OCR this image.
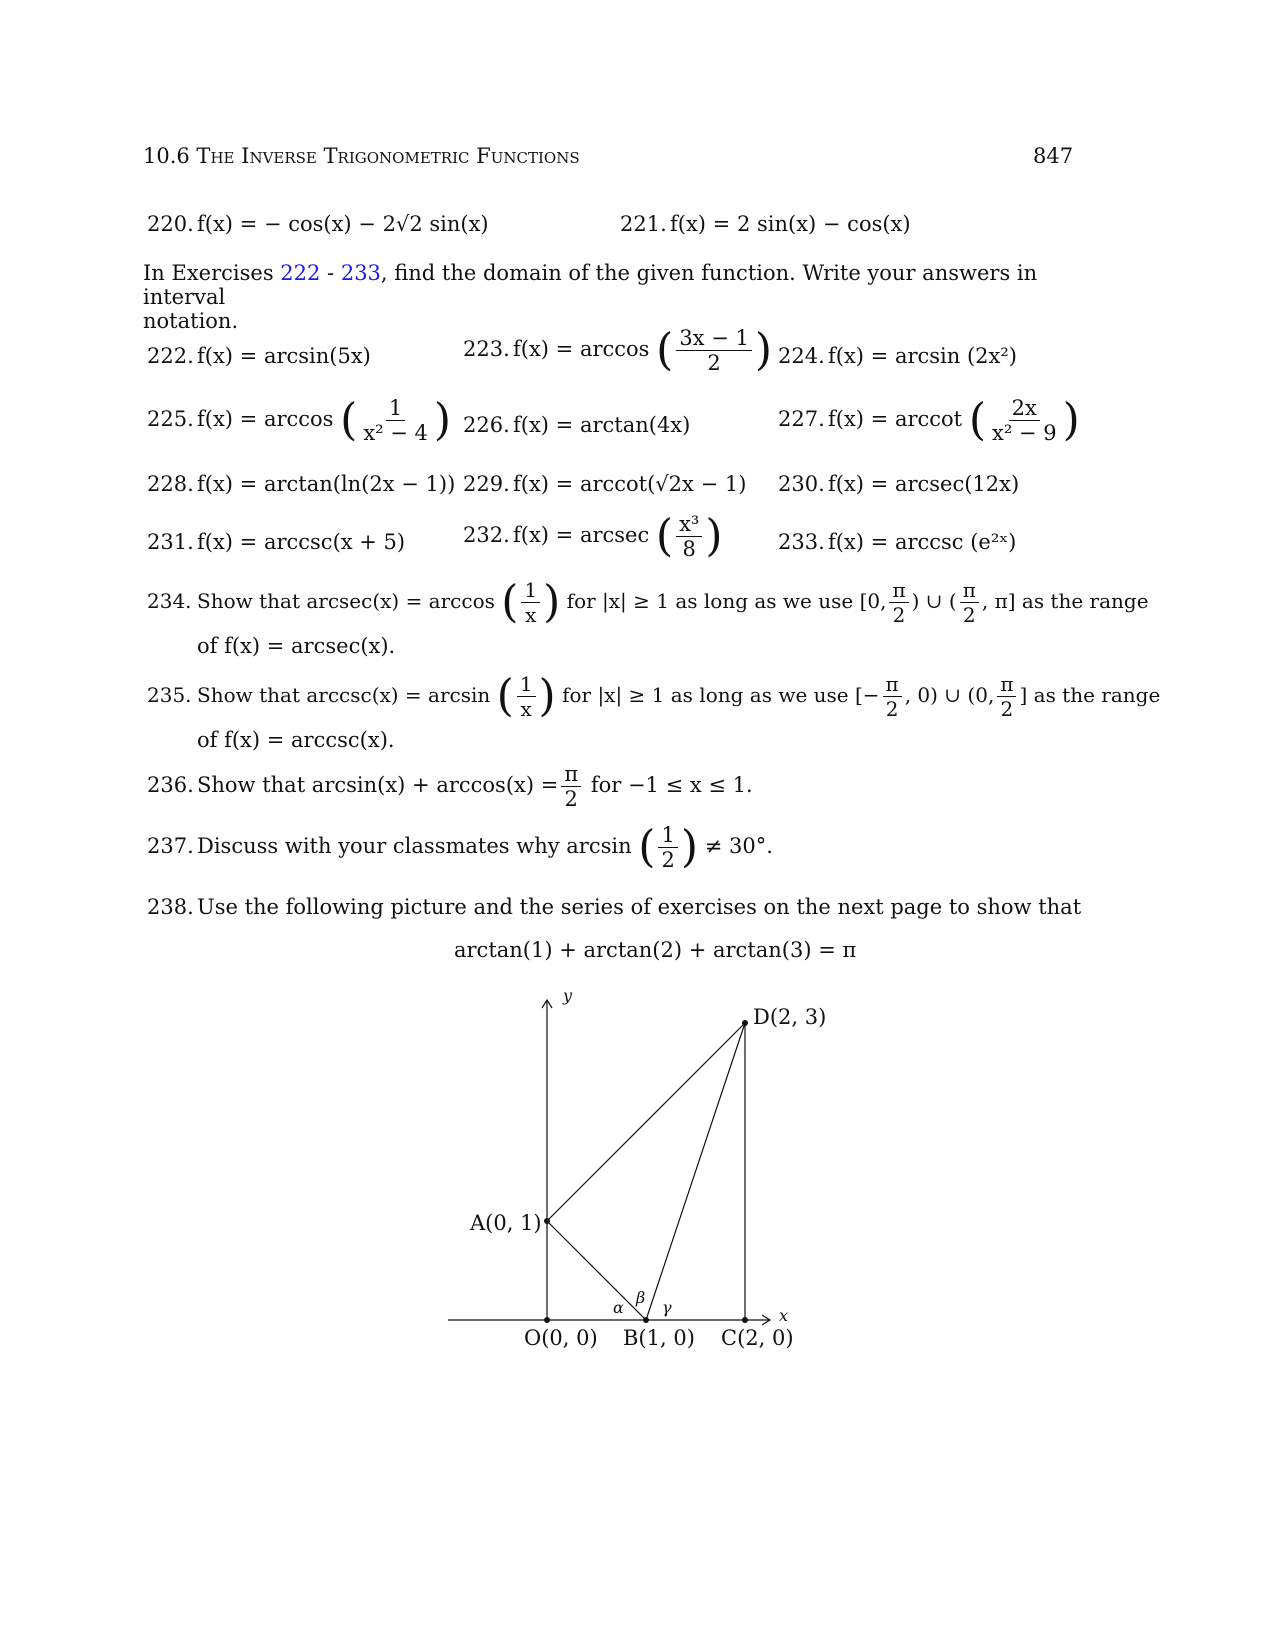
10.6 The Inverse Trigonometric Functions	847
220. f(x) = − cos(x) − 2√2 sin(x)	221. f(x) = 2 sin(x) − cos(x)
In Exercises 222 - 233, find the domain of the given function. Write your answers in interval
notation.
222. f(x) = arcsin(5x)	223. f(x) = arccos ( $\frac{3x - 1}{2}$ ) 224. f(x) = arcsin (2x²)
225. f(x) = arccos ( $\frac{1}{\text{x² − 4}}$ ) 226. f(x) = arctan(4x)	227. f(x) = arccot ( $\frac{2x}{\text{x² − 9}}$ )
228. f(x) = arctan(ln(2x − 1)) 229. f(x) = arccot(√2x − 1) 230. f(x) = arcsec(12x)
231. f(x) = arccsc(x + 5)	232. f(x) = arcsec ( $\frac{\text{x³}}{8}$ )	233. f(x) = arccsc (e²ˣ)
234. Show that arcsec(x) = arccos ( $\frac{1}{x}$ ) for |x| ≥ 1 as long as we use [0, $\frac{\pi}{2}$ ) ∪ ( $\frac{\pi}{2}$ , π] as the range
of f(x) = arcsec(x).
235. Show that arccsc(x) = arcsin ( $\frac{1}{x}$ ) for |x| ≥ 1 as long as we use [− $\frac{\pi}{2}$ , 0) ∪ (0, $\frac{\pi}{2}$ ] as the range
of f(x) = arccsc(x).
236. Show that $\arcsin(x) + \arccos(x) = \frac{\pi}{2}$ for −1 ≤ x ≤ 1.
237. Discuss with your classmates why arcsin ( $\frac{1}{2}$ ) ≠ 30°.
238. Use the following picture and the series of exercises on the next page to show that
arctan(1) + arctan(2) + arctan(3) = π
y
x
A(0, 1)
O(0, 0) B(1, 0) C(2, 0)
D(2, 3)
α
β
γ
